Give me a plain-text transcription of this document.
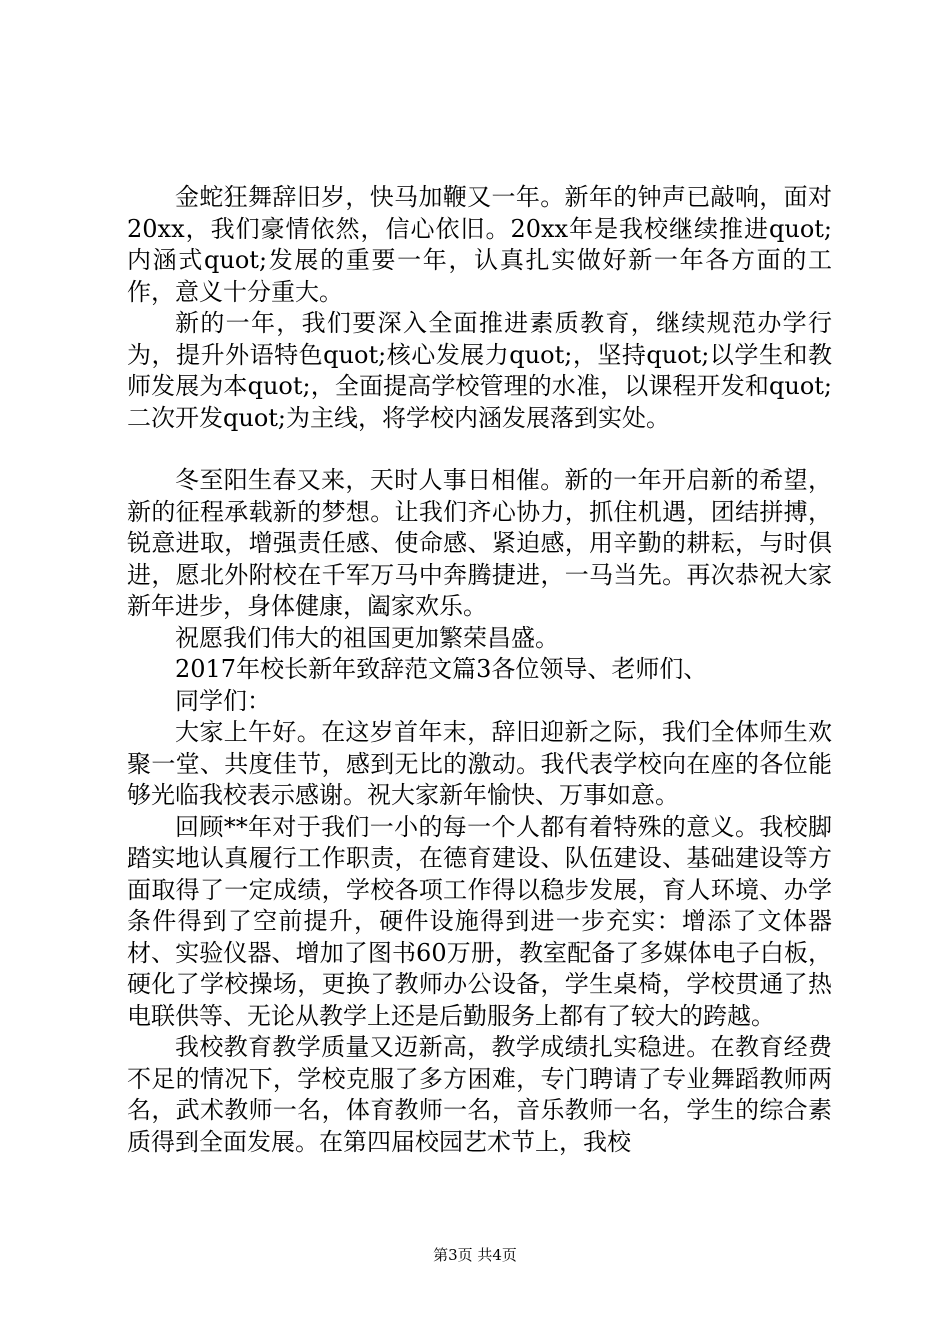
金蛇狂舞辞旧岁，快马加鞭又一年。新年的钟声已敲响，面对20xx，我们豪情依然，信心依旧。20xx年是我校继续推进quot;内涵式quot;发展的重要一年，认真扎实做好新一年各方面的工作，意义十分重大。

新的一年，我们要深入全面推进素质教育，继续规范办学行为，提升外语特色quot;核心发展力quot;，坚持quot;以学生和教师发展为本quot;，全面提高学校管理的水准，以课程开发和quot;二次开发quot;为主线，将学校内涵发展落到实处。

冬至阳生春又来，天时人事日相催。新的一年开启新的希望，新的征程承载新的梦想。让我们齐心协力，抓住机遇，团结拼搏，锐意进取，增强责任感、使命感、紧迫感，用辛勤的耕耘，与时俱进，愿北外附校在千军万马中奔腾捷进，一马当先。再次恭祝大家新年进步，身体健康，阖家欢乐。

祝愿我们伟大的祖国更加繁荣昌盛。

2017年校长新年致辞范文篇3各位领导、老师们、

同学们：

大家上午好。在这岁首年末，辞旧迎新之际，我们全体师生欢聚一堂、共度佳节，感到无比的激动。我代表学校向在座的各位能够光临我校表示感谢。祝大家新年愉快、万事如意。

回顾**年对于我们一小的每一个人都有着特殊的意义。我校脚踏实地认真履行工作职责，在德育建设、队伍建设、基础建设等方面取得了一定成绩，学校各项工作得以稳步发展，育人环境、办学条件得到了空前提升，硬件设施得到进一步充实：增添了文体器材、实验仪器、增加了图书60万册，教室配备了多媒体电子白板，硬化了学校操场，更换了教师办公设备，学生桌椅，学校贯通了热电联供等、无论从教学上还是后勤服务上都有了较大的跨越。

我校教育教学质量又迈新高，教学成绩扎实稳进。在教育经费不足的情况下，学校克服了多方困难，专门聘请了专业舞蹈教师两名，武术教师一名，体育教师一名，音乐教师一名，学生的综合素质得到全面发展。在第四届校园艺术节上，我校

第3页 共4页
